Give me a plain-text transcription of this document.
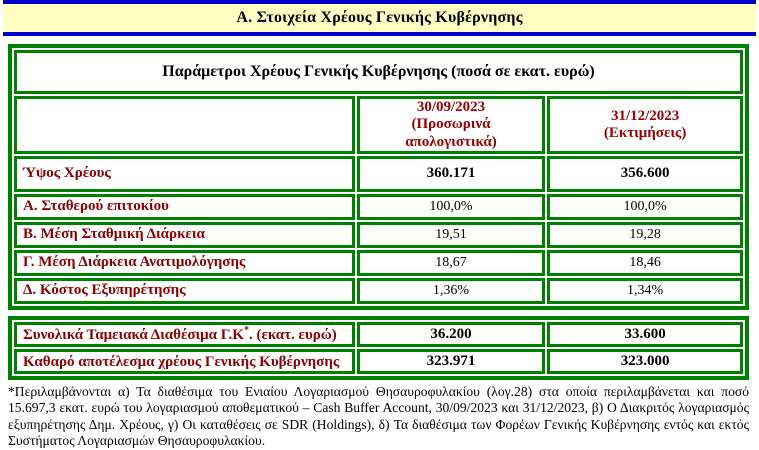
Α. Στοιχεία Χρέους Γενικής Κυβέρνησης
Παράμετροι Χρέους Γενικής Κυβέρνησης (ποσά σε εκατ. ευρώ)		

30/09/2023
(Προσωρινά απολογιστικά)

31/12/2023
(Εκτιμήσεις)

Ύψος Χρέους	360.171	356.600
Α. Σταθερού επιτοκίου	100,0%	100,0%
Β. Μέση Σταθμική Διάρκεια	19,51	19,28
Γ. Μέση Διάρκεια Ανατιμολόγησης	18,67	18,46
Δ. Κόστος Εξυπηρέτησης	1,36%	1,34%
Συνολικά Ταμειακά Διαθέσιμα Γ.Κ*. (εκατ. ευρώ)	36.200	33.600
Καθαρό αποτέλεσμα χρέους Γενικής Κυβέρνησης	323.971	323.000
*Περιλαμβάνονται α) Τα διαθέσιμα του Ενιαίου Λογαριασμού Θησαυροφυλακίου (λογ.28) στα οποία περιλαμβάνεται και ποσό 15.697,3 εκατ. ευρώ του λογαριασμού αποθεματικού – Cash Buffer Account, 30/09/2023 και 31/12/2023, β) Ο Διακριτός λογαριασμός εξυπηρέτησης Δημ. Χρέους, γ) Οι καταθέσεις σε SDR (Holdings), δ) Τα διαθέσιμα των Φορέων Γενικής Κυβέρνησης εντός και εκτός Συστήματος Λογαριασμών Θησαυροφυλακίου.
